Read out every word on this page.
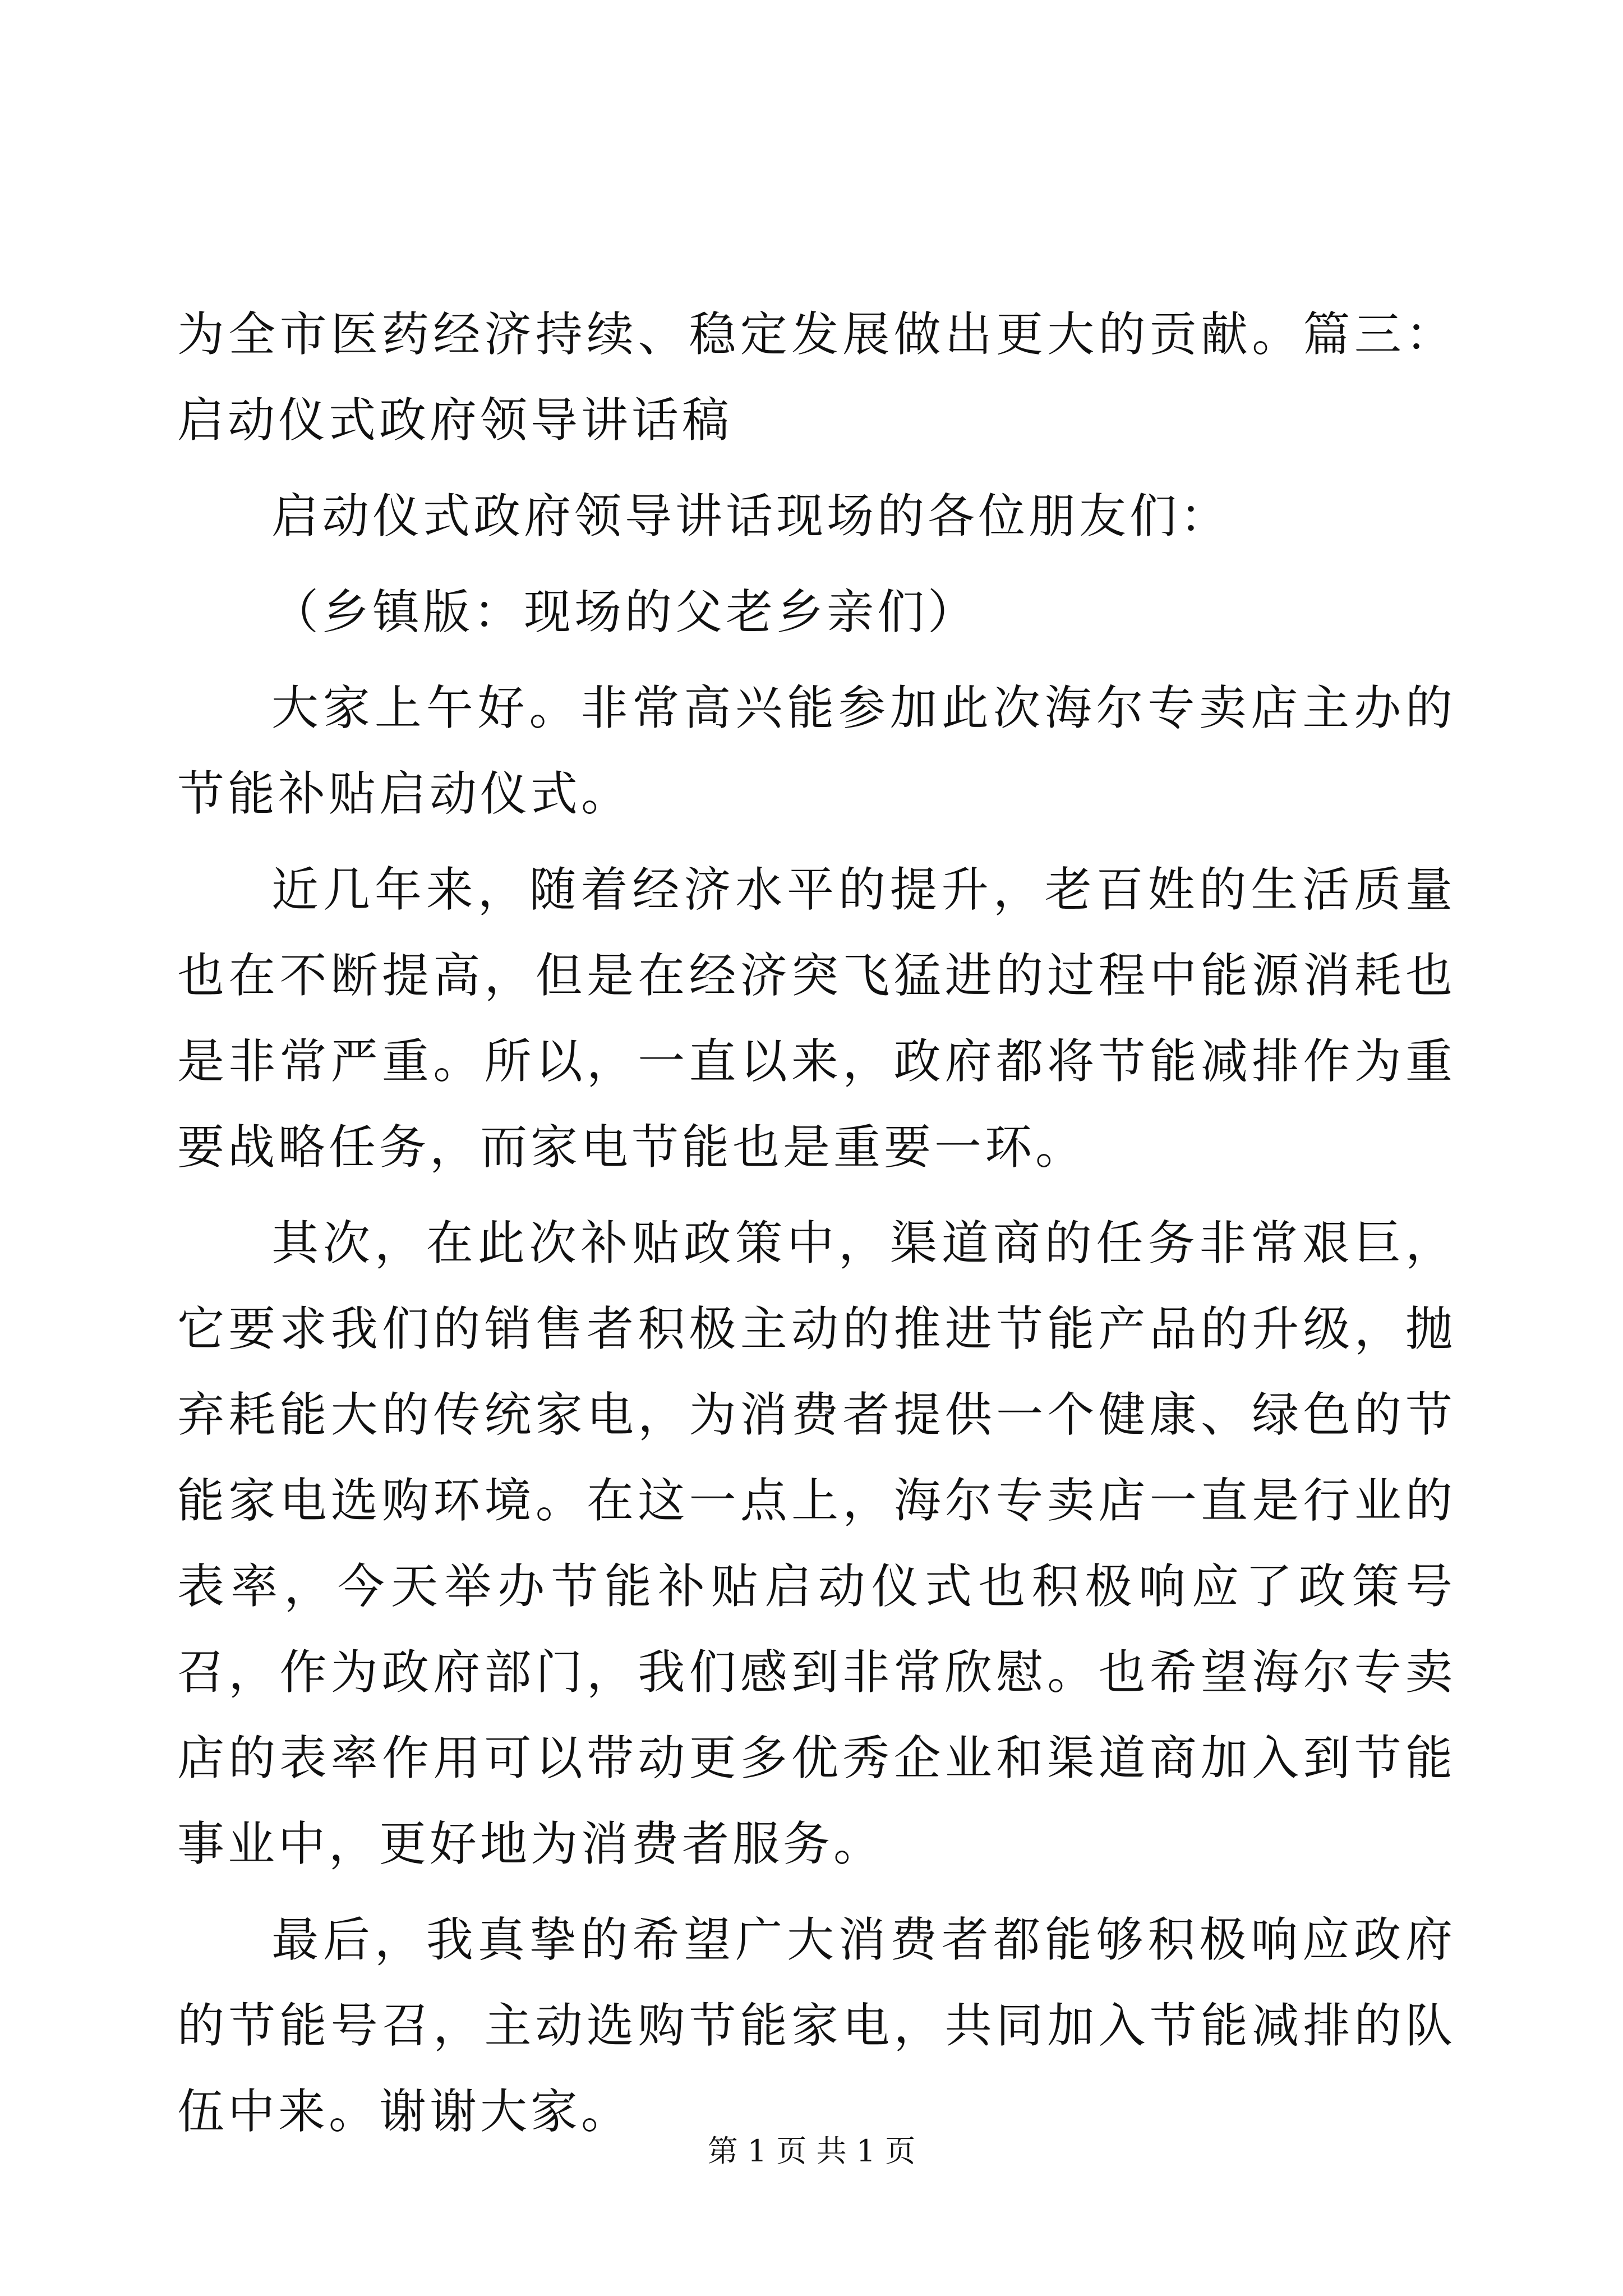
为全市医药经济持续、稳定发展做出更大的贡献。篇三：启动仪式政府领导讲话稿

启动仪式政府领导讲话现场的各位朋友们：

（乡镇版：现场的父老乡亲们）

大家上午好。非常高兴能参加此次海尔专卖店主办的节能补贴启动仪式。

近几年来，随着经济水平的提升，老百姓的生活质量也在不断提高，但是在经济突飞猛进的过程中能源消耗也是非常严重。所以，一直以来，政府都将节能减排作为重要战略任务，而家电节能也是重要一环。

其次，在此次补贴政策中，渠道商的任务非常艰巨，它要求我们的销售者积极主动的推进节能产品的升级，抛弃耗能大的传统家电，为消费者提供一个健康、绿色的节能家电选购环境。在这一点上，海尔专卖店一直是行业的表率，今天举办节能补贴启动仪式也积极响应了政策号召，作为政府部门，我们感到非常欣慰。也希望海尔专卖店的表率作用可以带动更多优秀企业和渠道商加入到节能事业中，更好地为消费者服务。

最后，我真挚的希望广大消费者都能够积极响应政府的节能号召，主动选购节能家电，共同加入节能减排的队伍中来。谢谢大家。

第 1 页 共 1 页
